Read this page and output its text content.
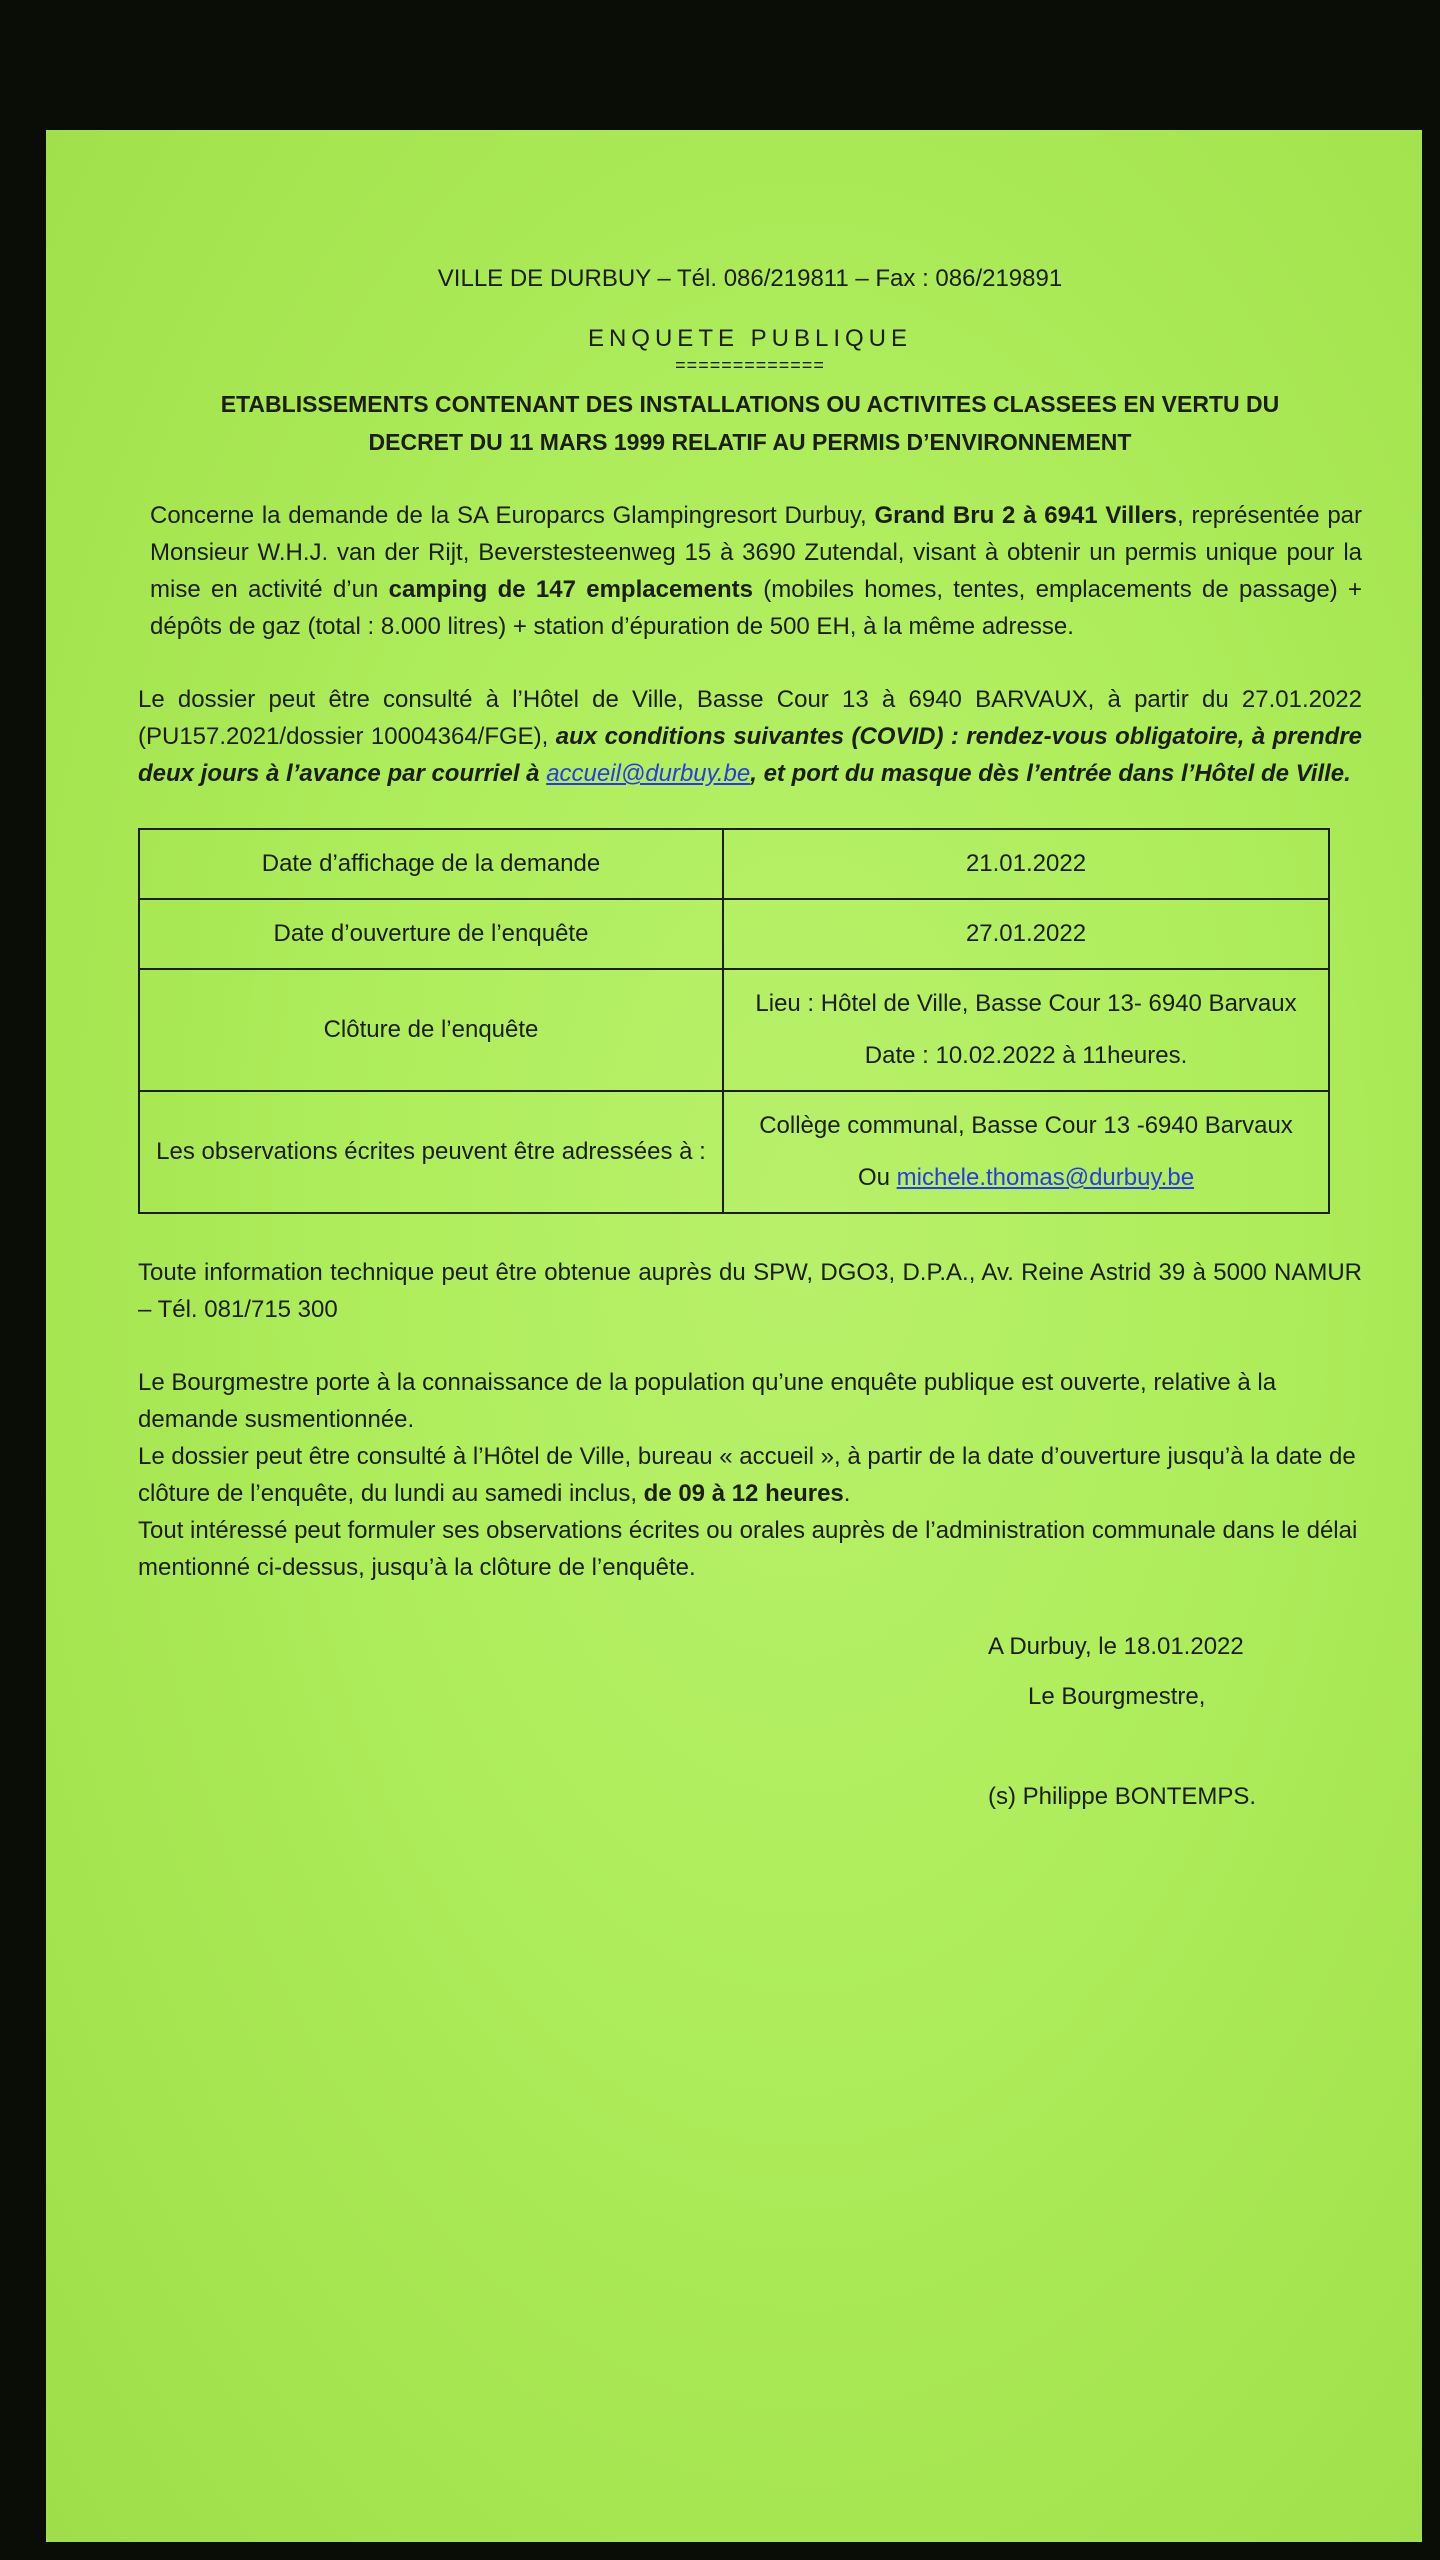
VILLE DE DURBUY – Tél. 086/219811 – Fax : 086/219891

ENQUETE PUBLIQUE

=============

ETABLISSEMENTS CONTENANT DES INSTALLATIONS OU ACTIVITES CLASSEES EN VERTU DU
DECRET DU 11 MARS 1999 RELATIF AU PERMIS D’ENVIRONNEMENT

Concerne la demande de la SA Europarcs Glampingresort Durbuy, Grand Bru 2 à 6941 Villers, représentée par Monsieur W.H.J. van der Rijt, Beverstesteenweg 15 à 3690 Zutendal, visant à obtenir un permis unique pour la mise en activité d’un camping de 147 emplacements (mobiles homes, tentes, emplacements de passage) + dépôts de gaz (total : 8.000 litres) + station d’épuration de 500 EH, à la même adresse.

Le dossier peut être consulté à l’Hôtel de Ville, Basse Cour 13 à 6940 BARVAUX, à partir du 27.01.2022 (PU157.2021/dossier 10004364/FGE), aux conditions suivantes (COVID) : rendez-vous obligatoire, à prendre deux jours à l’avance par courriel à accueil@durbuy.be, et port du masque dès l’entrée dans l’Hôtel de Ville.

Date d’affichage de la demande	21.01.2022
Date d’ouverture de l’enquête	27.01.2022
Clôture de l’enquête	Lieu : Hôtel de Ville, Basse Cour 13- 6940 Barvaux
Date : 10.02.2022 à 11heures.
Les observations écrites peuvent être adressées à :	Collège communal, Basse Cour 13 -6940 Barvaux
Ou michele.thomas@durbuy.be

Toute information technique peut être obtenue auprès du SPW, DGO3, D.P.A., Av. Reine Astrid 39 à 5000 NAMUR – Tél. 081/715 300

Le Bourgmestre porte à la connaissance de la population qu’une enquête publique est ouverte, relative à la demande susmentionnée.
Le dossier peut être consulté à l’Hôtel de Ville, bureau « accueil », à partir de la date d’ouverture jusqu’à la date de clôture de l’enquête, du lundi au samedi inclus, de 09 à 12 heures.
Tout intéressé peut formuler ses observations écrites ou orales auprès de l’administration communale dans le délai mentionné ci-dessus, jusqu’à la clôture de l’enquête.
A Durbuy, le 18.01.2022
Le Bourgmestre,
(s) Philippe BONTEMPS.
